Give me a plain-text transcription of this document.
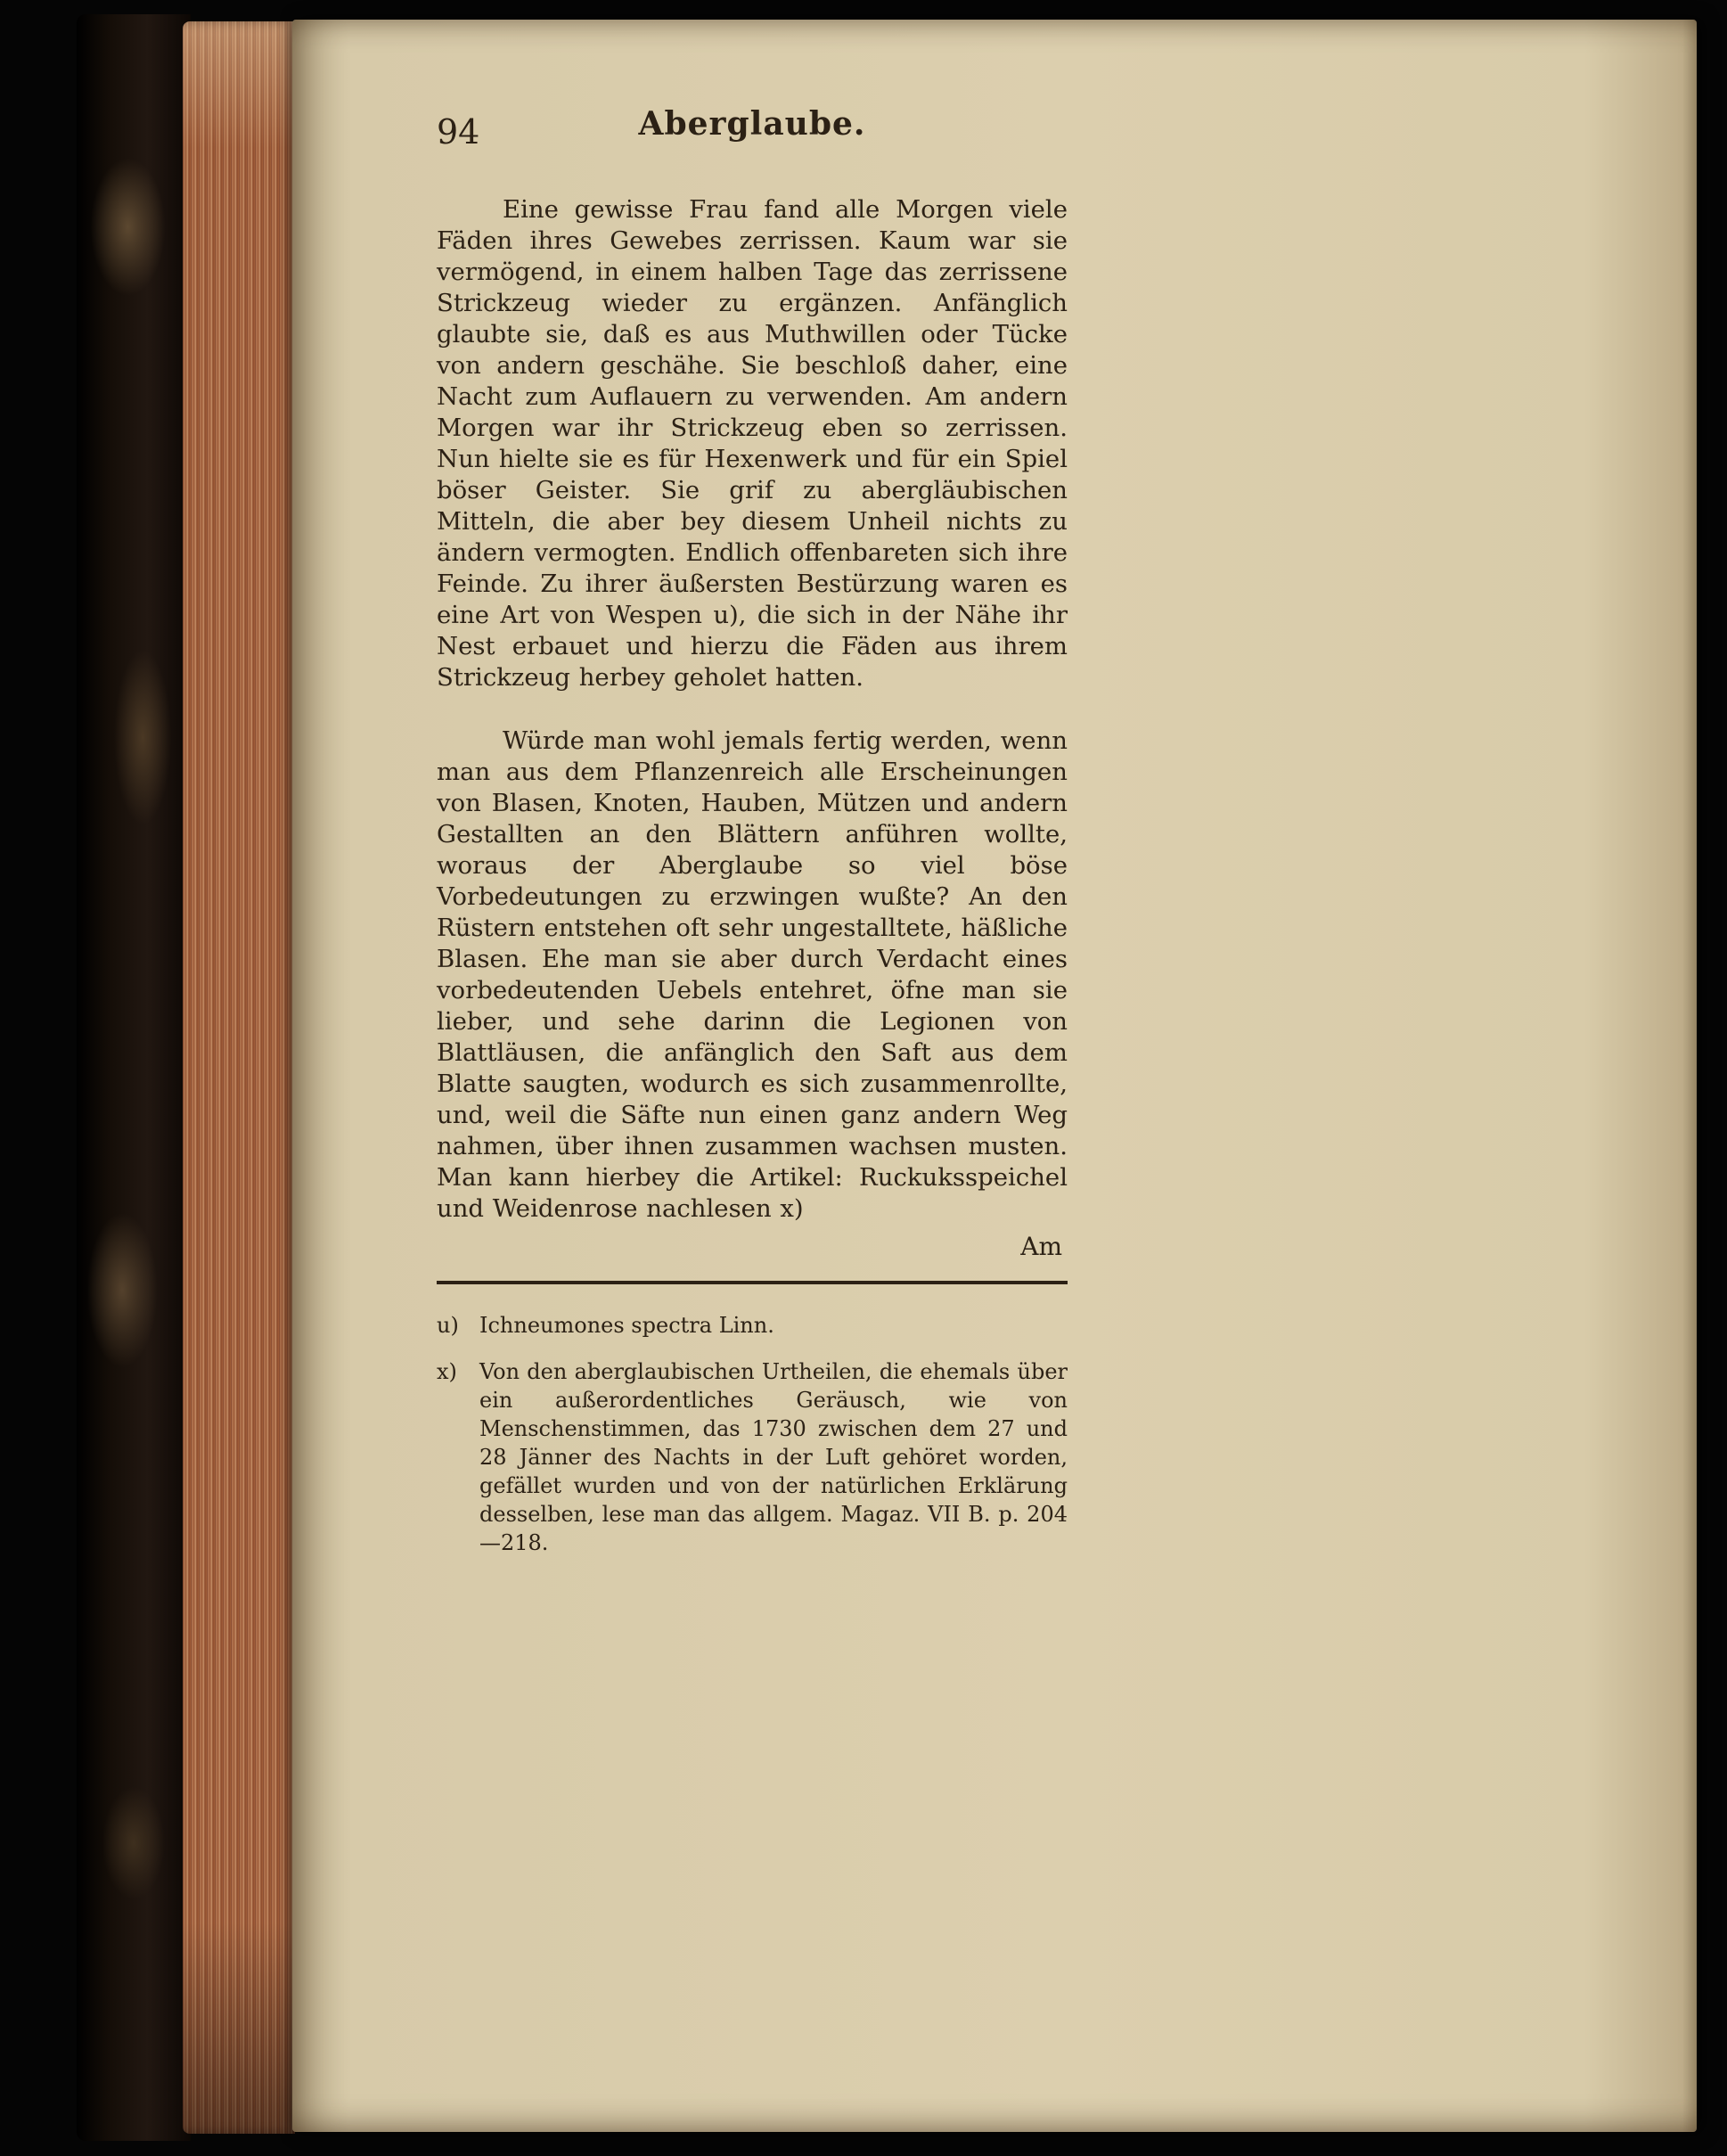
94	Aberglaube.

Eine gewisse Frau fand alle Morgen viele Fäden ihres Gewebes zerrissen. Kaum war sie vermögend, in einem halben Tage das zerrissene Strickzeug wieder zu ergänzen. Anfänglich glaubte sie, daß es aus Muthwillen oder Tücke von andern geschähe. Sie beschloß daher, eine Nacht zum Auflauern zu verwenden. Am andern Morgen war ihr Strickzeug eben so zerrissen. Nun hielte sie es für Hexenwerk und für ein Spiel böser Geister. Sie grif zu abergläubischen Mitteln, die aber bey diesem Unheil nichts zu ändern vermogten. Endlich offenbareten sich ihre Feinde. Zu ihrer äußersten Bestürzung waren es eine Art von Wespen u), die sich in der Nähe ihr Nest erbauet und hierzu die Fäden aus ihrem Strickzeug herbey geholet hatten.

Würde man wohl jemals fertig werden, wenn man aus dem Pflanzenreich alle Erscheinungen von Blasen, Knoten, Hauben, Mützen und andern Gestallten an den Blättern anführen wollte, woraus der Aberglaube so viel böse Vorbedeutungen zu erzwingen wußte? An den Rüstern entstehen oft sehr ungestalltete, häßliche Blasen. Ehe man sie aber durch Verdacht eines vorbedeutenden Uebels entehret, öfne man sie lieber, und sehe darinn die Legionen von Blattläusen, die anfänglich den Saft aus dem Blatte saugten, wodurch es sich zusammenrollte, und, weil die Säfte nun einen ganz andern Weg nahmen, über ihnen zusammen wachsen musten. Man kann hierbey die Artikel: Ruckuksspeichel und Weidenrose nachlesen x)

Am
u) Ichneumones spectra Linn.
x)	Von den aberglaubischen Urtheilen, die ehemals über ein außerordentliches Geräusch, wie von Menschenstimmen, das 1730 zwischen dem 27 und 28 Jänner des Nachts in der Luft gehöret worden, gefället wurden und von der natürlichen Erklärung desselben, lese man das allgem. Magaz. VII B. p. 204—218.
